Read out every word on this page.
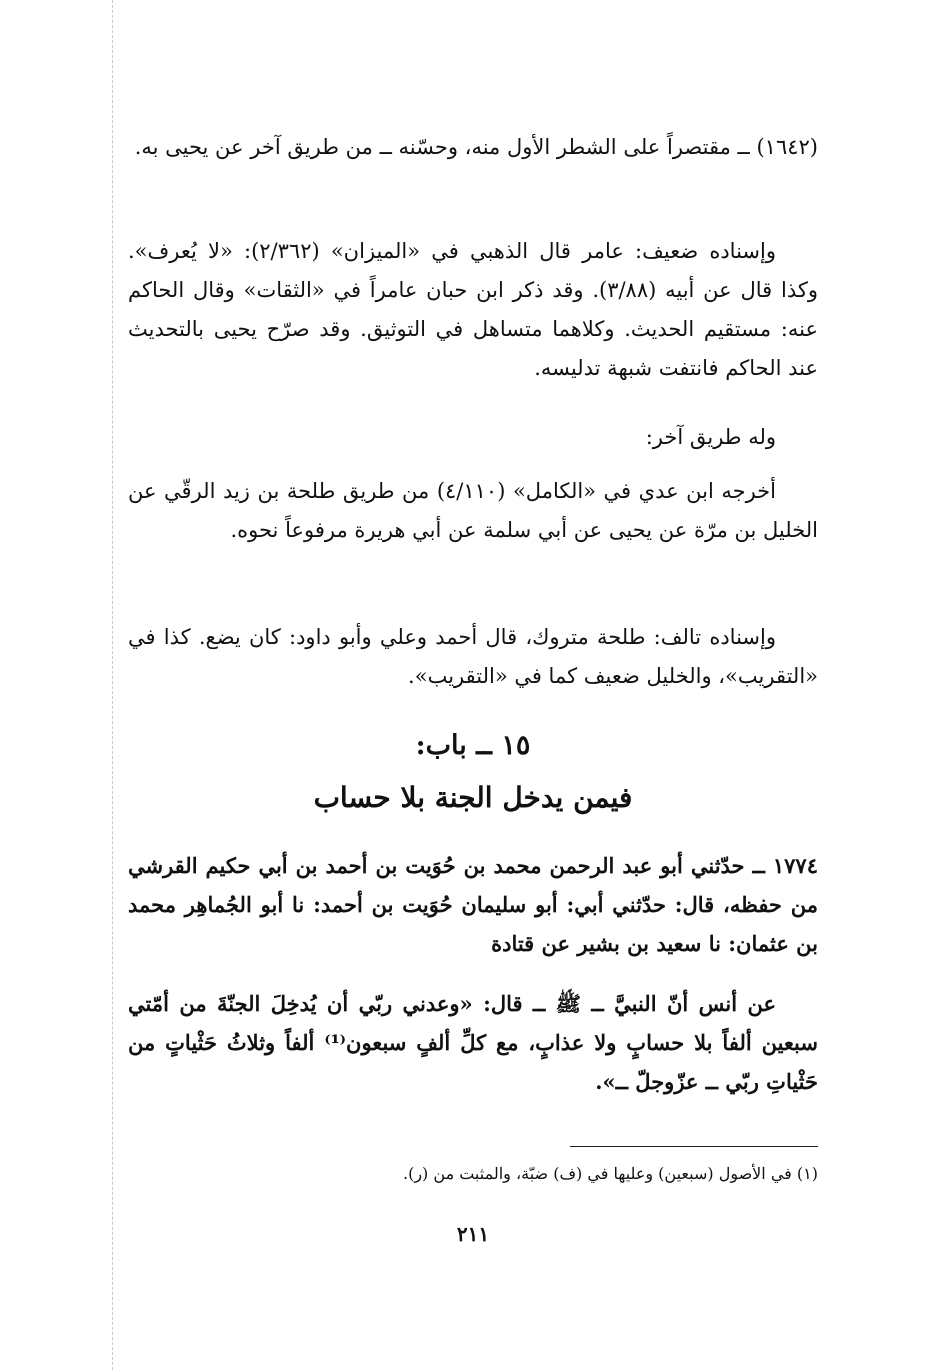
(١٦٤٢) ــ مقتصراً على الشطر الأول منه، وحسّنه ــ من طريق آخر عن يحيى به.

وإسناده ضعيف: عامر قال الذهبي في «الميزان» (٢/٣٦٢): «لا يُعرف». وكذا قال عن أبيه (٣/٨٨). وقد ذكر ابن حبان عامراً في «الثقات» وقال الحاكم عنه: مستقيم الحديث. وكلاهما متساهل في التوثيق. وقد صرّح يحيى بالتحديث عند الحاكم فانتفت شبهة تدليسه.

وله طريق آخر:

أخرجه ابن عدي في «الكامل» (٤/١١٠) من طريق طلحة بن زيد الرقّي عن الخليل بن مرّة عن يحيى عن أبي سلمة عن أبي هريرة مرفوعاً نحوه.

وإسناده تالف: طلحة متروك، قال أحمد وعلي وأبو داود: كان يضع. كذا في «التقريب»، والخليل ضعيف كما في «التقريب».

١٥ ــ باب:
فيمن يدخل الجنة بلا حساب

١٧٧٤ ــ حدّثني أبو عبد الرحمن محمد بن حُوَيت بن أحمد بن أبي حكيم القرشي من حفظه، قال: حدّثني أبي: أبو سليمان حُوَيت بن أحمد: نا أبو الجُماهِر محمد بن عثمان: نا سعيد بن بشير عن قتادة

عن أنس أنّ النبيَّ ــ ﷺ ــ قال: «وعدني ربّي أن يُدخِلَ الجنّةَ من أمّتي سبعين ألفاً بلا حسابٍ ولا عذابٍ، مع كلِّ ألفٍ سبعون⁽¹⁾ ألفاً وثلاثُ حَثْياتٍ من حَثْياتِ ربّي ــ عزّوجلّ ــ».

(١) في الأصول (سبعين) وعليها في (ف) ضبّة، والمثبت من (ر).
٢١١
